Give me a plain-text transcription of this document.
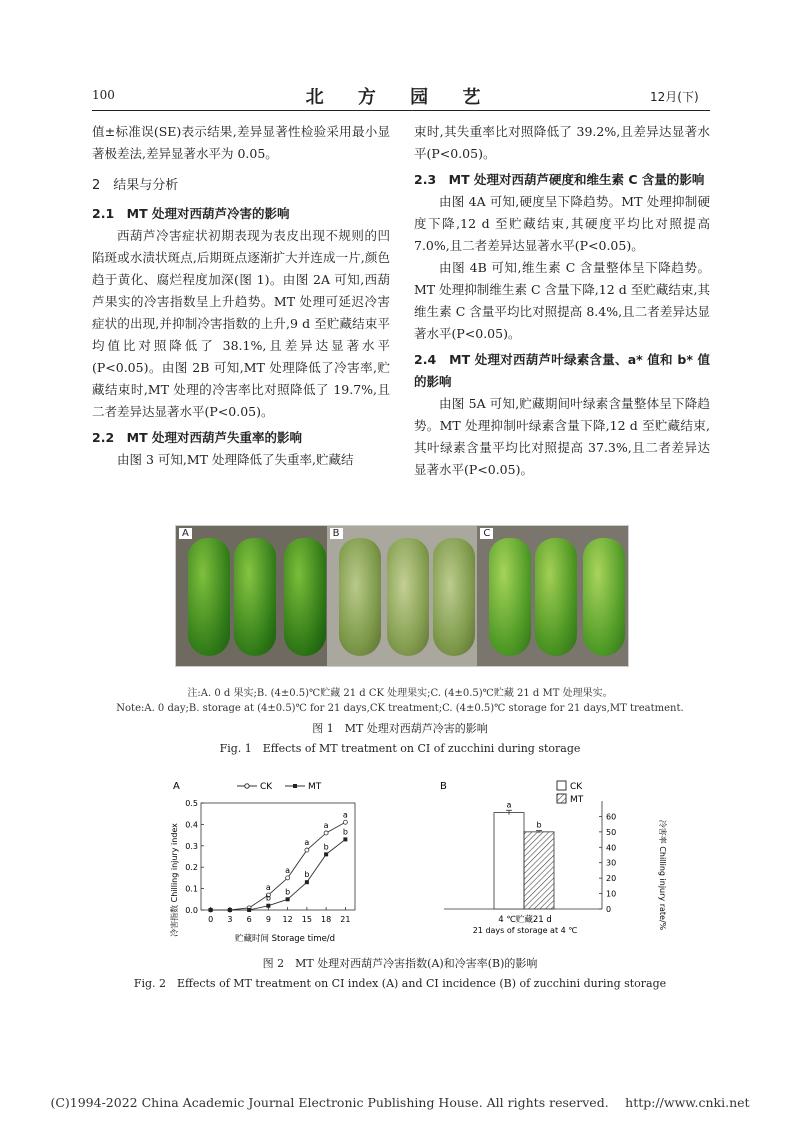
100	北 方 园 艺	12月(下)

值±标准误(SE)表示结果,差异显著性检验采用最小显著极差法,差异显著水平为 0.05。

2　结果与分析

2.1　MT 处理对西葫芦冷害的影响

西葫芦冷害症状初期表现为表皮出现不规则的凹陷斑或水渍状斑点,后期斑点逐渐扩大并连成一片,颜色趋于黄化、腐烂程度加深(图 1)。由图 2A 可知,西葫芦果实的冷害指数呈上升趋势。MT 处理可延迟冷害症状的出现,并抑制冷害指数的上升,9 d 至贮藏结束平均值比对照降低了 38.1%,且差异达显著水平(P<0.05)。由图 2B 可知,MT 处理降低了冷害率,贮藏结束时,MT 处理的冷害率比对照降低了 19.7%,且二者差异达显著水平(P<0.05)。

2.2　MT 处理对西葫芦失重率的影响

由图 3 可知,MT 处理降低了失重率,贮藏结

束时,其失重率比对照降低了 39.2%,且差异达显著水平(P<0.05)。

2.3　MT 处理对西葫芦硬度和维生素 C 含量的影响

由图 4A 可知,硬度呈下降趋势。MT 处理抑制硬度下降,12 d 至贮藏结束,其硬度平均比对照提高 7.0%,且二者差异达显著水平(P<0.05)。

由图 4B 可知,维生素 C 含量整体呈下降趋势。MT 处理抑制维生素 C 含量下降,12 d 至贮藏结束,其维生素 C 含量平均比对照提高 8.4%,且二者差异达显著水平(P<0.05)。

2.4　MT 处理对西葫芦叶绿素含量、a* 值和 b* 值的影响

由图 5A 可知,贮藏期间叶绿素含量整体呈下降趋势。MT 处理抑制叶绿素含量下降,12 d 至贮藏结束,其叶绿素含量平均比对照提高 37.3%,且二者差异达显著水平(P<0.05)。

A	B	C
注:A. 0 d 果实;B. (4±0.5)℃贮藏 21 d CK 处理果实;C. (4±0.5)℃贮藏 21 d MT 处理果实。
Note:A. 0 day;B. storage at (4±0.5)℃ for 21 days,CK treatment;C. (4±0.5)℃ storage for 21 days,MT treatment.
图 1　MT 处理对西葫芦冷害的影响
Fig. 1　Effects of MT treatment on CI of zucchini during storage
A	CK	MT
冷害指数 Chilling injury index
贮藏时间 Storage time/d
0.0
0.1
0.2
0.3
0.4
0.5
0 3 6 9 12 15 18 21
a
a
a
a
a
b
b
b
b
b
B	CK
MT
冷害率 Chilling injury rate/%
4 ℃贮藏21 d
21 days of storage at 4 ℃
0
10
20
30
40
50
60
a
b
图 2　MT 处理对西葫芦冷害指数(A)和冷害率(B)的影响
Fig. 2　Effects of MT treatment on CI index (A) and CI incidence (B) of zucchini during storage
(C)1994-2022 China Academic Journal Electronic Publishing House. All rights reserved.　 http://www.cnki.net
